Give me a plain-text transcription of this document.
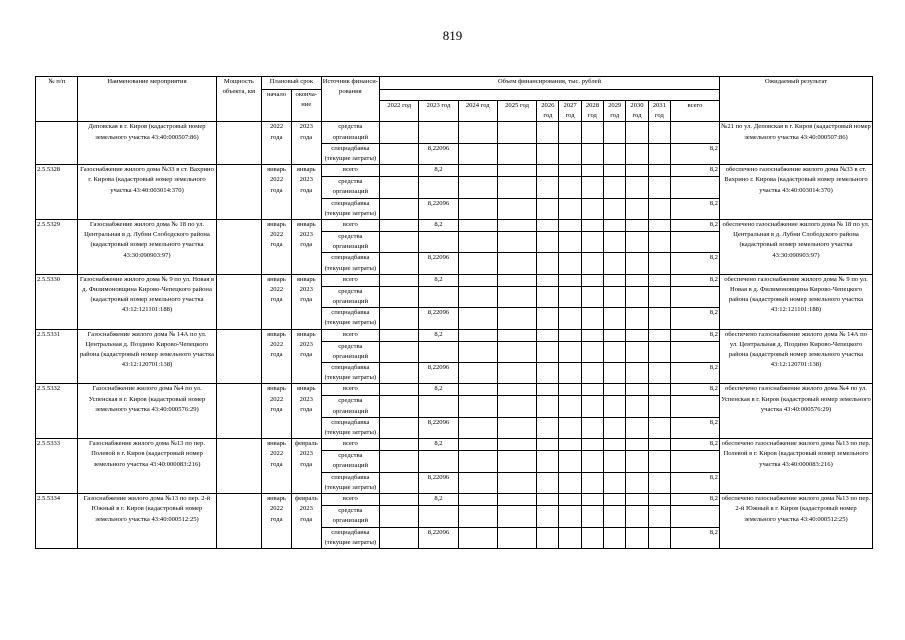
819
№ п/п	Наименование мероприятия	Мощность объекта, км	Плановый срок		Источник финанси-рования	Объем финансирования, тыс. рублей											Ожидаемый результат
			начало	оконча-ние													
						2022 год	2023 год	2024 год	2025 год	2026 год	2027 год	2028 год	2029 год	2030 год	2031 год	всего	
	Деповская в г. Киров (кадастровый номер земельного участка 43:40:000507:86)		2022 года	2023 года	средства организаций												№21 по ул. Деповская в г. Киров (кадастровый номер земельного участка 43:40:000507:86)
					спецнадбавка (текущие затраты)		8,22096									8,2	
2.5.5328	Газоснабжение жилого дома №33 в ст. Вахрино г. Кирова (кадастровый номер земельного участка 43:40:003014:370)		январь 2022 года	январь 2023 года	всего		8,2									8,2	обеспечено газоснабжение жилого дома №33 в ст. Вахрино г. Кирова (кадастровый номер земельного участка 43:40:003014:370)
					средства организаций												
					спецнадбавка (текущие затраты)		8,22096									8,2	
2.5.5329	Газоснабжение жилого дома № 18 по ул. Центральная в д. Лубни Слободского района (кадастровый номер земельного участка 43:30:090903:97)		январь 2022 года	январь 2023 года	всего		8,2									8,2	обеспечено газоснабжение жилого дома № 18 по ул. Центральная в д. Лубни Слободского района (кадастровый номер земельного участка 43:30:090903:97)
					средства организаций												
					спецнадбавка (текущие затраты)		8,22096									8,2	
2.5.5330	Газоснабжение жилого дома № 9 по ул. Новая в д. Филимоновщина Кирово-Чепецкого района (кадастровый номер земельного участка 43:12:121101:188)		январь 2022 года	январь 2023 года	всего		8,2									8,2	обеспечено газоснабжение жилого дома № 9 по ул. Новая в д. Филимоновщина Кирово-Чепецкого района (кадастровый номер земельного участка 43:12:121101:188)
					средства организаций												
					спецнадбавка (текущие затраты)		8,22096									8,2	
2.5.5331	Газоснабжение жилого дома № 14А по ул. Центральная д. Поздино Кирово-Чепецкого района (кадастровый номер земельного участка 43:12:120701:138)		январь 2022 года	январь 2023 года	всего		8,2									8,2	обеспечено газоснабжение жилого дома № 14А по ул. Центральная д. Поздино Кирово-Чепецкого района (кадастровый номер земельного участка 43:12:120701:138)
					средства организаций												
					спецнадбавка (текущие затраты)		8,22096									8,2	
2.5.5332	Газоснабжение жилого дома №4 по ул. Успенская в г. Киров (кадастровый номер земельного участка 43:40:000576:29)		январь 2022 года	январь 2023 года	всего		8,2									8,2	обеспечено газоснабжение жилого дома №4 по ул. Успенская в г. Киров (кадастровый номер земельного участка 43:40:000576:29)
					средства организаций												
					спецнадбавка (текущие затраты)		8,22096									8,2	
2.5.5333	Газоснабжение жилого дома №13 по пер. Полевой в г. Киров (кадастровый номер земельного участка 43:40:000083:216)		январь 2022 года	февраль 2023 года	всего		8,2									8,2	обеспечено газоснабжение жилого дома №13 по пер. Полевой в г. Киров (кадастровый номер земельного участка 43:40:000083:216)
					средства организаций												
					спецнадбавка (текущие затраты)		8,22096									8,2	
2.5.5334	Газоснабжение жилого дома №13 по пер. 2-й Южный в г. Киров (кадастровый номер земельного участка 43:40:000512:25)		январь 2022 года	февраль 2023 года	всего		8,2									8,2	обеспечено газоснабжение жилого дома №13 по пер. 2-й Южный в г. Киров (кадастровый номер земельного участка 43:40:000512:25)
					средства организаций												
					спецнадбавка (текущие затраты)		8,22096									8,2	
